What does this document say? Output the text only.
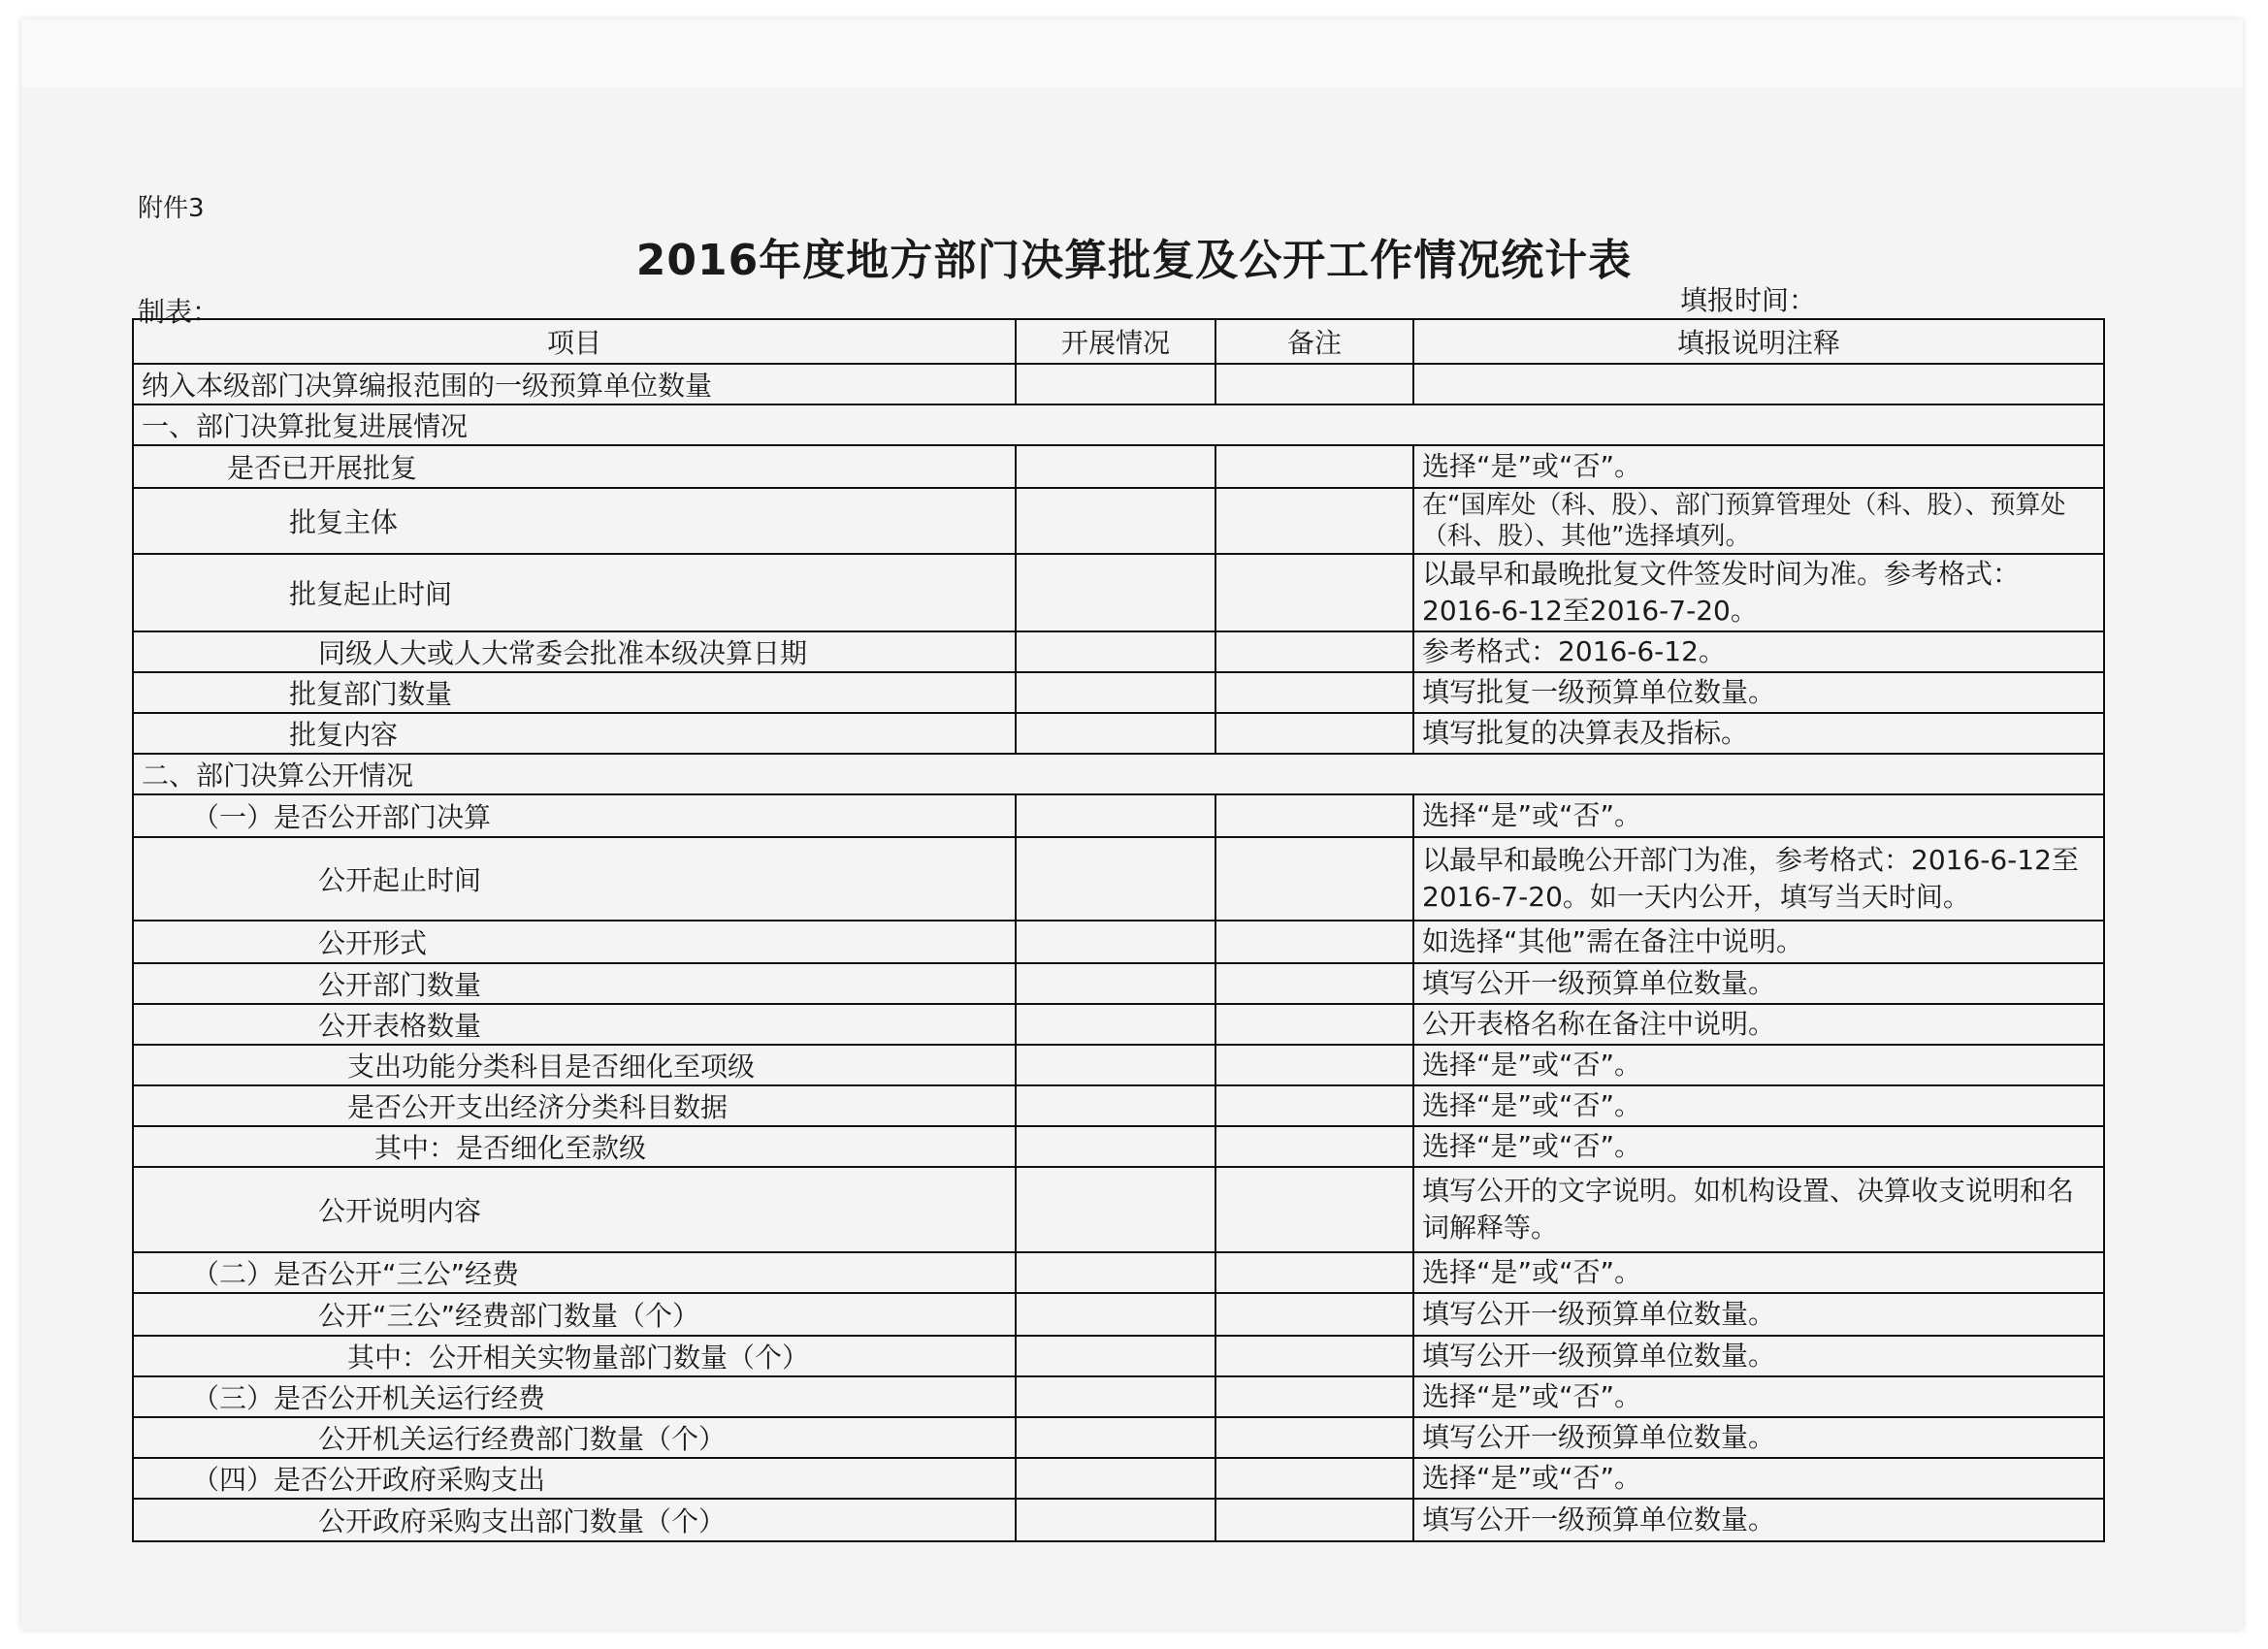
附件3
2016年度地方部门决算批复及公开工作情况统计表
制表：	填报时间：
项目	开展情况	备注	填报说明注释
纳入本级部门决算编报范围的一级预算单位数量			
一、部门决算批复进展情况			
是否已开展批复			选择“是”或“否”。
批复主体			在“国库处（科、股）、部门预算管理处（科、股）、预算处（科、股）、其他”选择填列。
批复起止时间			以最早和最晚批复文件签发时间为准。参考格式：2016-6-12至2016-7-20。
同级人大或人大常委会批准本级决算日期			参考格式：2016-6-12。
批复部门数量			填写批复一级预算单位数量。
批复内容			填写批复的决算表及指标。
二、部门决算公开情况			
（一）是否公开部门决算			选择“是”或“否”。
公开起止时间			以最早和最晚公开部门为准，参考格式：2016-6-12至2016-7-20。如一天内公开，填写当天时间。
公开形式			如选择“其他”需在备注中说明。
公开部门数量			填写公开一级预算单位数量。
公开表格数量			公开表格名称在备注中说明。
支出功能分类科目是否细化至项级			选择“是”或“否”。
是否公开支出经济分类科目数据			选择“是”或“否”。
其中：是否细化至款级			选择“是”或“否”。
公开说明内容			填写公开的文字说明。如机构设置、决算收支说明和名词解释等。
（二）是否公开“三公”经费			选择“是”或“否”。
公开“三公”经费部门数量（个）			填写公开一级预算单位数量。
其中：公开相关实物量部门数量（个）			填写公开一级预算单位数量。
（三）是否公开机关运行经费			选择“是”或“否”。
公开机关运行经费部门数量（个）			填写公开一级预算单位数量。
（四）是否公开政府采购支出			选择“是”或“否”。
公开政府采购支出部门数量（个）			填写公开一级预算单位数量。
